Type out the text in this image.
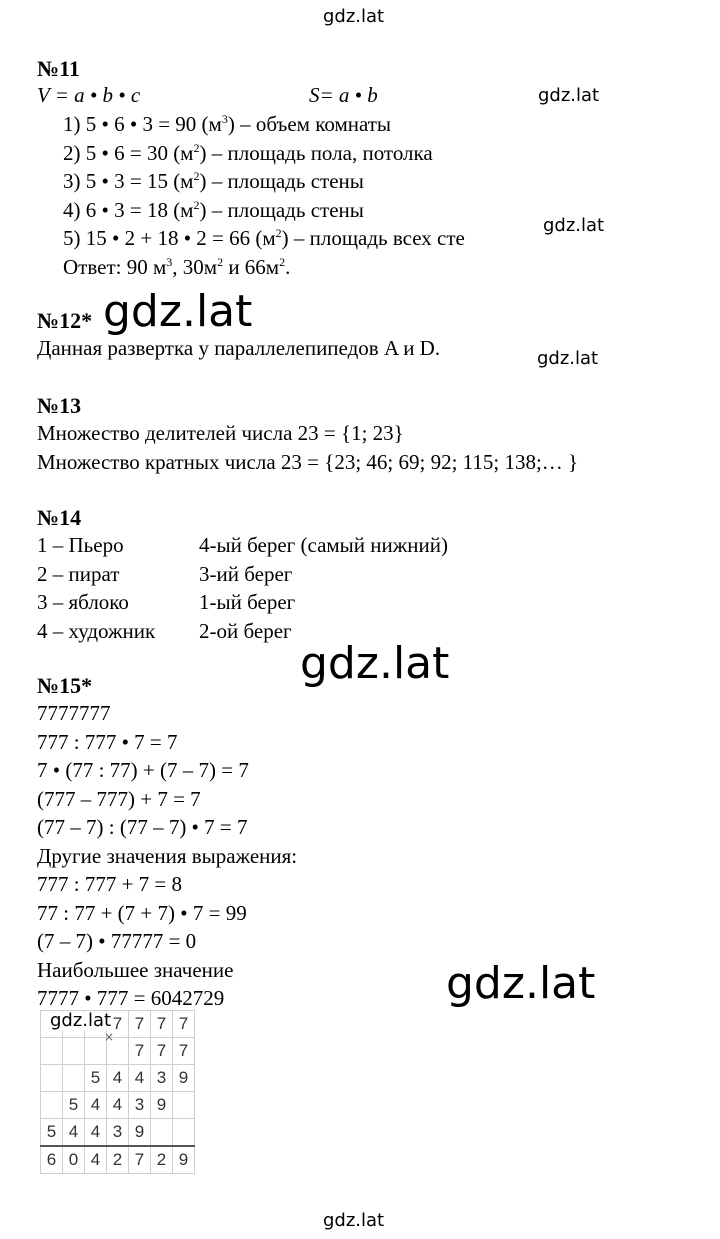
gdz.lat
gdz.lat
gdz.lat
gdz.lat
gdz.lat
gdz.lat
gdz.lat
gdz.lat
№11
V = a • b • c	S= a • b
1) 5 • 6 • 3 = 90 $(м^3)$ – объем комнаты
2) 5 • 6 = 30 $(м^2)$ – площадь пола, потолка
3) 5 • 3 = 15 $(м^2)$ – площадь стены
4) 6 • 3 = 18 $(м^2)$ – площадь стены
5) 15 • 2 + 18 • 2 = 66 $(м^2)$ – площадь всех сте
Ответ: 90 $м^3$, $30м^2$ и $66м^2$.
№12*
Данная развертка у параллелепипедов A и D.
№13
Множество делителей числа 23 = {1; 23}
Множество кратных числа 23 = {23; 46; 69; 92; 115; 138;… }
№14
1 – Пьеро	4-ый берег (самый нижний)
2 – пират	3-ий берег
3 – яблоко	1-ый берег
4 – художник	2-ой берег
№15*
7777777
777 : 777 • 7 = 7
7 • (77 : 77) + (7 – 7) = 7
(777 – 777) + 7 = 7
(77 – 7) : (77 – 7) • 7 = 7
Другие значения выражения:
777 : 777 + 7 = 8
77 : 77 + (7 + 7) • 7 = 99
(7 – 7) • 77777 = 0
Наибольшее значение
7777 • 777 = 6042729
			7	7	7	7
				7	7	7
		5	4	4	3	9
	5	4	4	3	9	
5	4	4	3	9		
6	0	4	2	7	2	9
×
gdz.lat
